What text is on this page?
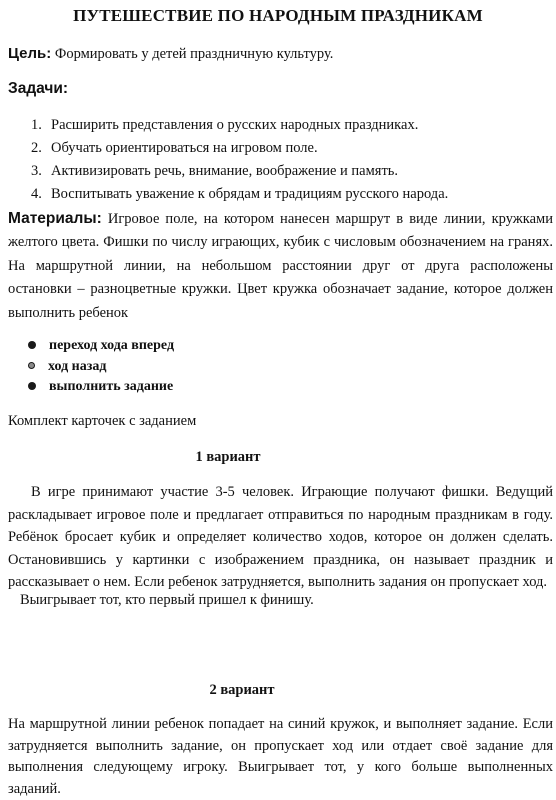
ПУТЕШЕСТВИЕ ПО НАРОДНЫМ ПРАЗДНИКАМ
Цель: Формировать у детей праздничную культуру.
Задачи:
1. Расширить представления о русских народных праздниках.
2. Обучать ориентироваться на игровом поле.
3. Активизировать речь, внимание, воображение и память.
4. Воспитывать уважение к обрядам и традициям русского народа.
Материалы: Игровое поле, на котором нанесен маршрут в виде линии, кружками желтого цвета. Фишки по числу играющих, кубик с числовым обозначением на гранях. На маршрутной линии, на небольшом расстоянии друг от друга расположены остановки – разноцветные кружки. Цвет кружка обозначает задание, которое должен выполнить ребенок
переход хода вперед
ход назад
выполнить задание
Комплект карточек с заданием
1 вариант
В игре принимают участие 3-5 человек. Играющие получают фишки. Ведущий раскладывает игровое поле и предлагает отправиться по народным праздникам в году. Ребёнок бросает кубик и определяет количество ходов, которое он должен сделать. Остановившись у картинки с изображением праздника, он называет праздник и рассказывает о нем. Если ребенок затрудняется, выполнить задания он пропускает ход.
Выигрывает тот, кто первый пришел к финишу.
2 вариант
На маршрутной линии ребенок попадает на синий кружок, и выполняет задание. Если затрудняется выполнить задание, он пропускает ход или отдает своё задание для выполнения следующему игроку. Выигрывает тот, у кого больше выполненных заданий.
